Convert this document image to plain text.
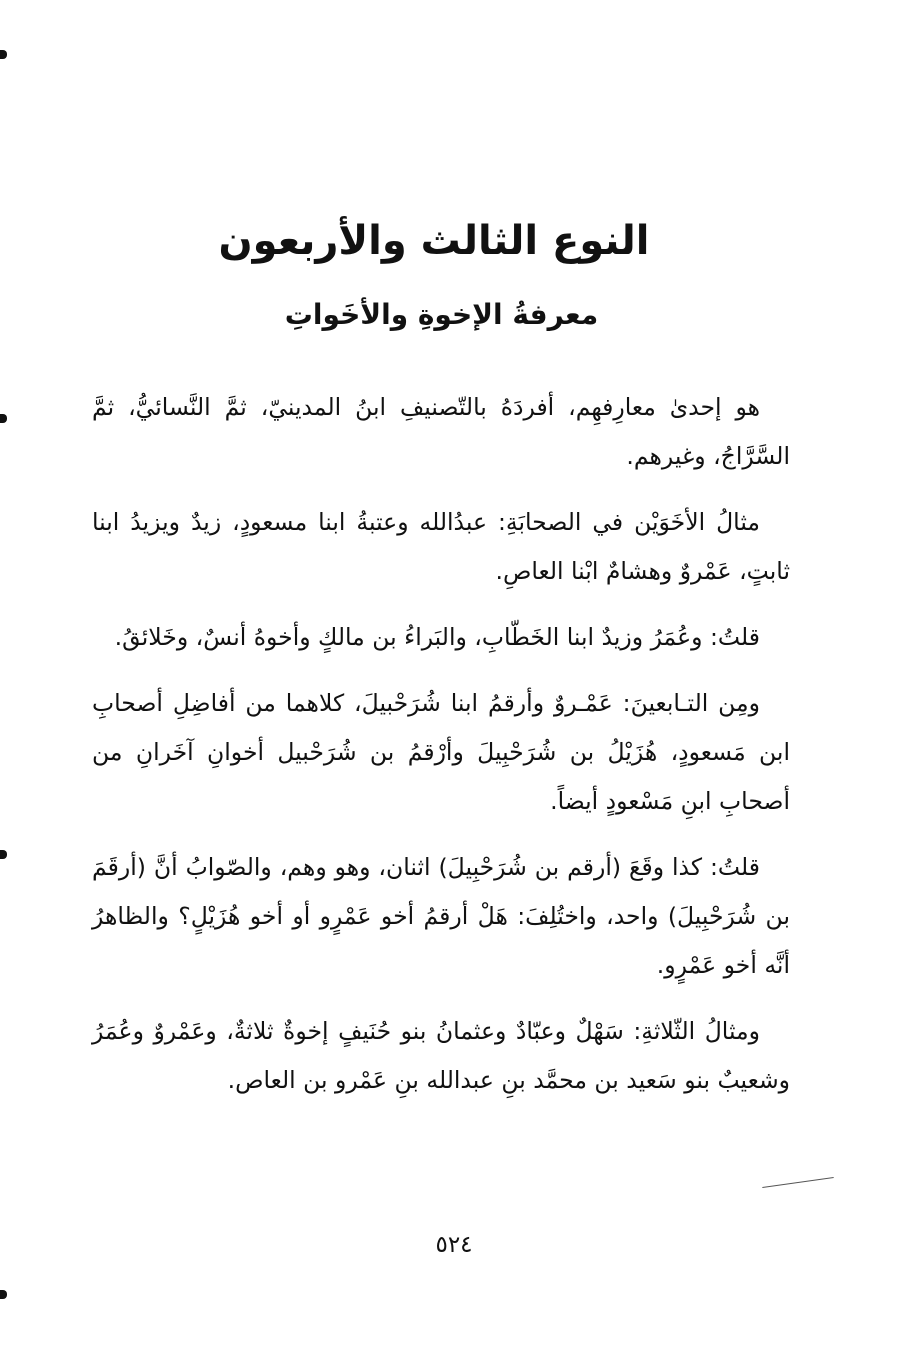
النوع الثالث والأربعون
معرفةُ الإخوةِ والأخَواتِ

هو إحدىٰ معارِفهِم، أفردَهُ بالتّصنيفِ ابنُ المدينيّ، ثمَّ النَّسائيُّ، ثمَّ السَّرَّاجُ، وغيرهم.

مثالُ الأخَوَيْن في الصحابَةِ: عبدُالله وعتبةُ ابنا مسعودٍ، زيدٌ ويزيدُ ابنا ثابتٍ، عَمْروٌ وهشامٌ ابْنا العاصِ.

قلتُ: وعُمَرُ وزيدٌ ابنا الخَطّابِ، والبَراءُ بن مالكٍ وأخوهُ أنسٌ، وخَلائقُ.

ومِن التـابعينَ: عَمْـروٌ وأرقمُ ابنا شُرَحْبيلَ، كلاهما من أفاضِلِ أصحابِ ابن مَسعودٍ، هُزَيْلُ بن شُرَحْبِيلَ وأرْقمُ بن شُرَحْبيل أخوانِ آخَرانِ من أصحابِ ابنِ مَسْعودٍ أيضاً.

قلتُ: كذا وقَعَ (أرقم بن شُرَحْبِيلَ) اثنان، وهو وهم، والصّوابُ أنَّ (أرقَمَ بن شُرَحْبِيلَ) واحد، واختُلِفَ: هَلْ أرقمُ أخو عَمْرٍو أو أخو هُزَيْلٍ؟ والظاهرُ أنَّه أخو عَمْرٍو.

ومثالُ الثّلاثةِ: سَهْلٌ وعبّادٌ وعثمانُ بنو حُنَيفٍ إخوةٌ ثلاثةٌ، وعَمْروٌ وعُمَرُ وشعيبٌ بنو سَعيد بن محمَّد بنِ عبدالله بنِ عَمْرو بن العاص.

٥٢٤
